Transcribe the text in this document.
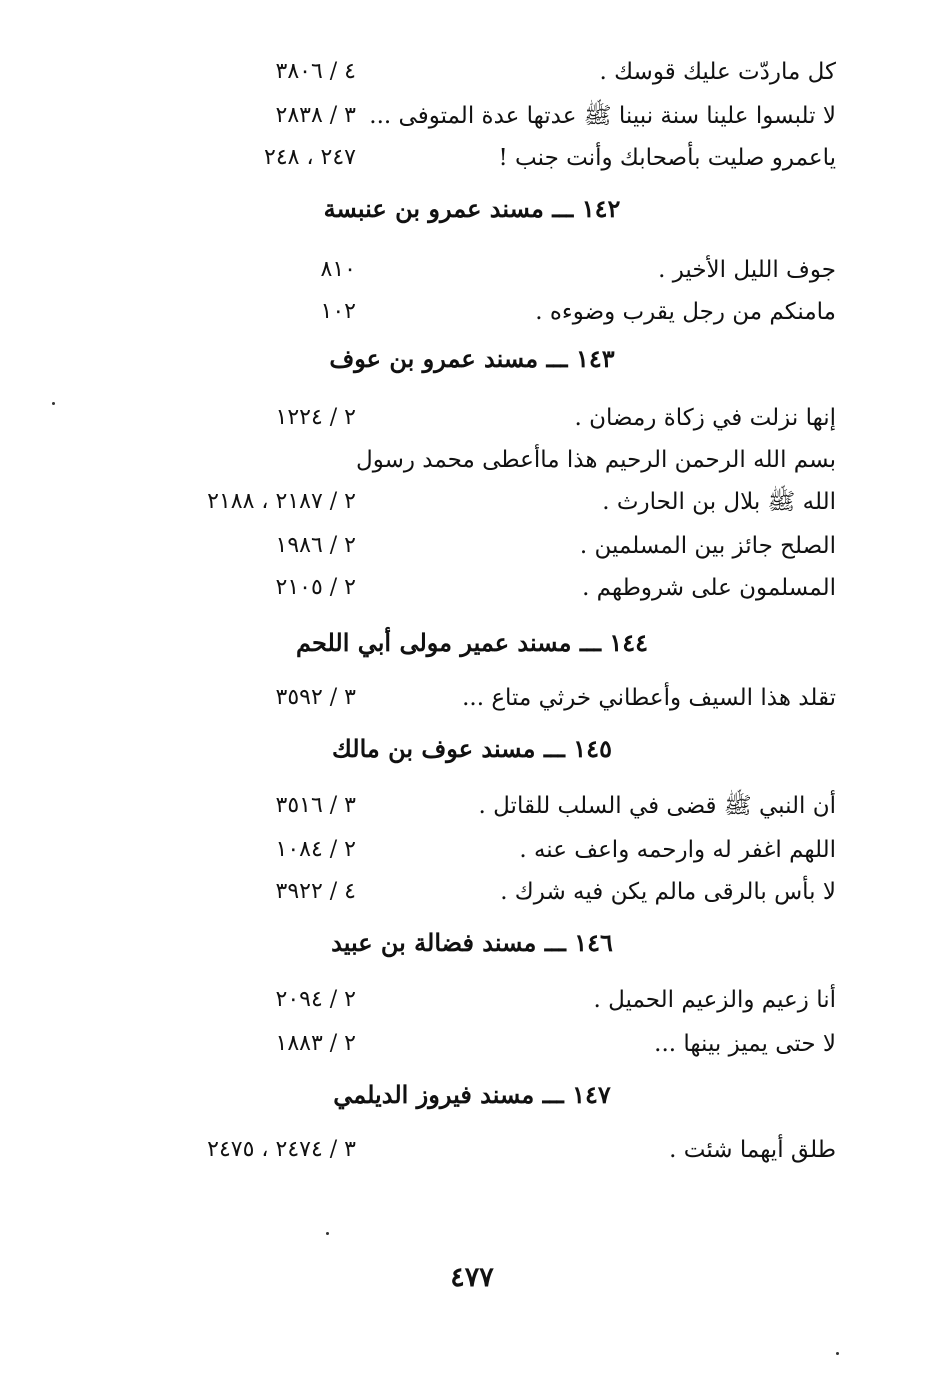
كل ماردّت عليك قوسك .
٤ / ٣٨٠٦
لا تلبسوا علينا سنة نبينا ﷺ عدتها عدة المتوفى ...
٣ / ٢٨٣٨
ياعمرو صليت بأصحابك وأنت جنب !
٢٤٧ ، ٢٤٨
١٤٢ ـــ مسند عمرو بن عنبسة
جوف الليل الأخير .
٨١٠
مامنكم من رجل يقرب وضوءه .
١٠٢
١٤٣ ـــ مسند عمرو بن عوف
إنها نزلت في زكاة رمضان .
٢ / ١٢٢٤
بسم الله الرحمن الرحيم هذا ماأعطى محمد رسول
الله ﷺ بلال بن الحارث .
٢ / ٢١٨٧ ، ٢١٨٨
الصلح جائز بين المسلمين .
٢ / ١٩٨٦
المسلمون على شروطهم .
٢ / ٢١٠٥
١٤٤ ـــ مسند عمير مولى أبي اللحم
تقلد هذا السيف وأعطاني خرثي متاع ...
٣ / ٣٥٩٢
١٤٥ ـــ مسند عوف بن مالك
أن النبي ﷺ قضى في السلب للقاتل .
٣ / ٣٥١٦
اللهم اغفر له وارحمه واعف عنه .
٢ / ١٠٨٤
لا بأس بالرقى مالم يكن فيه شرك .
٤ / ٣٩٢٢
١٤٦ ـــ مسند فضالة بن عبيد
أنا زعيم والزعيم الحميل .
٢ / ٢٠٩٤
لا حتى يميز بينها ...
٢ / ١٨٨٣
١٤٧ ـــ مسند فيروز الديلمي
طلق أيهما شئت .
٣ / ٢٤٧٤ ، ٢٤٧٥
٤٧٧
